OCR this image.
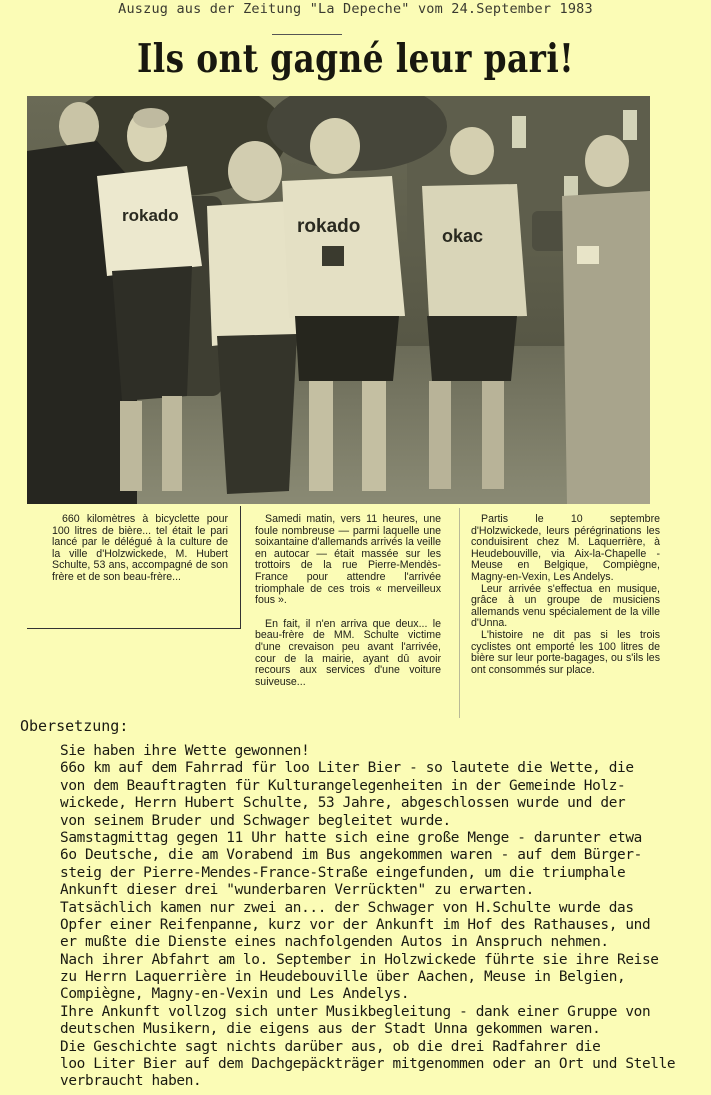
Auszug aus der Zeitung "La Depeche" vom 24.September 1983
Ils ont gagné leur pari!
rokado
rokado	okac

660 kilomètres à bicyclette pour 100 litres de bière... tel était le pari lancé par le délégué à la culture de la ville d'Holzwickede, M. Hubert Schulte, 53 ans, accompagné de son frère et de son beau-frère...

Samedi matin, vers 11 heures, une foule nombreuse — parmi laquelle une soixantaine d'allemands arrivés la veille en autocar — était massée sur les trottoirs de la rue Pierre-Mendès-France pour attendre l'arrivée triomphale de ces trois « merveilleux fous ».

En fait, il n'en arriva que deux... le beau-frère de MM. Schulte victime d'une crevaison peu avant l'arrivée, cour de la mairie, ayant dû avoir recours aux services d'une voiture suiveuse...

Partis le 10 septembre d'Holzwickede, leurs pérégrinations les conduisirent chez M. Laquerrière, à Heudebouville, via Aix-la-Chapelle - Meuse en Belgique, Compiègne, Magny-en-Vexin, Les Andelys.

Leur arrivée s'effectua en musique, grâce à un groupe de musiciens allemands venu spécialement de la ville d'Unna.

L'histoire ne dit pas si les trois cyclistes ont emporté les 100 litres de bière sur leur porte-bagages, ou s'ils les ont consommés sur place.

Obersetzung:
Sie haben ihre Wette gewonnen!
66o km auf dem Fahrrad für loo Liter Bier - so lautete die Wette, die
von dem Beauftragten für Kulturangelegenheiten in der Gemeinde Holz-
wickede, Herrn Hubert Schulte, 53 Jahre, abgeschlossen wurde und der
von seinem Bruder und Schwager begleitet wurde.
Samstagmittag gegen 11 Uhr hatte sich eine große Menge - darunter etwa
6o Deutsche, die am Vorabend im Bus angekommen waren - auf dem Bürger-
steig der Pierre-Mendes-France-Straße eingefunden, um die triumphale
Ankunft dieser drei "wunderbaren Verrückten" zu erwarten.
Tatsächlich kamen nur zwei an... der Schwager von H.Schulte wurde das
Opfer einer Reifenpanne, kurz vor der Ankunft im Hof des Rathauses, und
er mußte die Dienste eines nachfolgenden Autos in Anspruch nehmen.
Nach ihrer Abfahrt am lo. September in Holzwickede führte sie ihre Reise
zu Herrn Laquerrière in Heudebouville über Aachen, Meuse in Belgien,
Compiègne, Magny-en-Vexin und Les Andelys.
Ihre Ankunft vollzog sich unter Musikbegleitung - dank einer Gruppe von
deutschen Musikern, die eigens aus der Stadt Unna gekommen waren.
Die Geschichte sagt nichts darüber aus, ob die drei Radfahrer die
loo Liter Bier auf dem Dachgepäckträger mitgenommen oder an Ort und Stelle
verbraucht haben.
